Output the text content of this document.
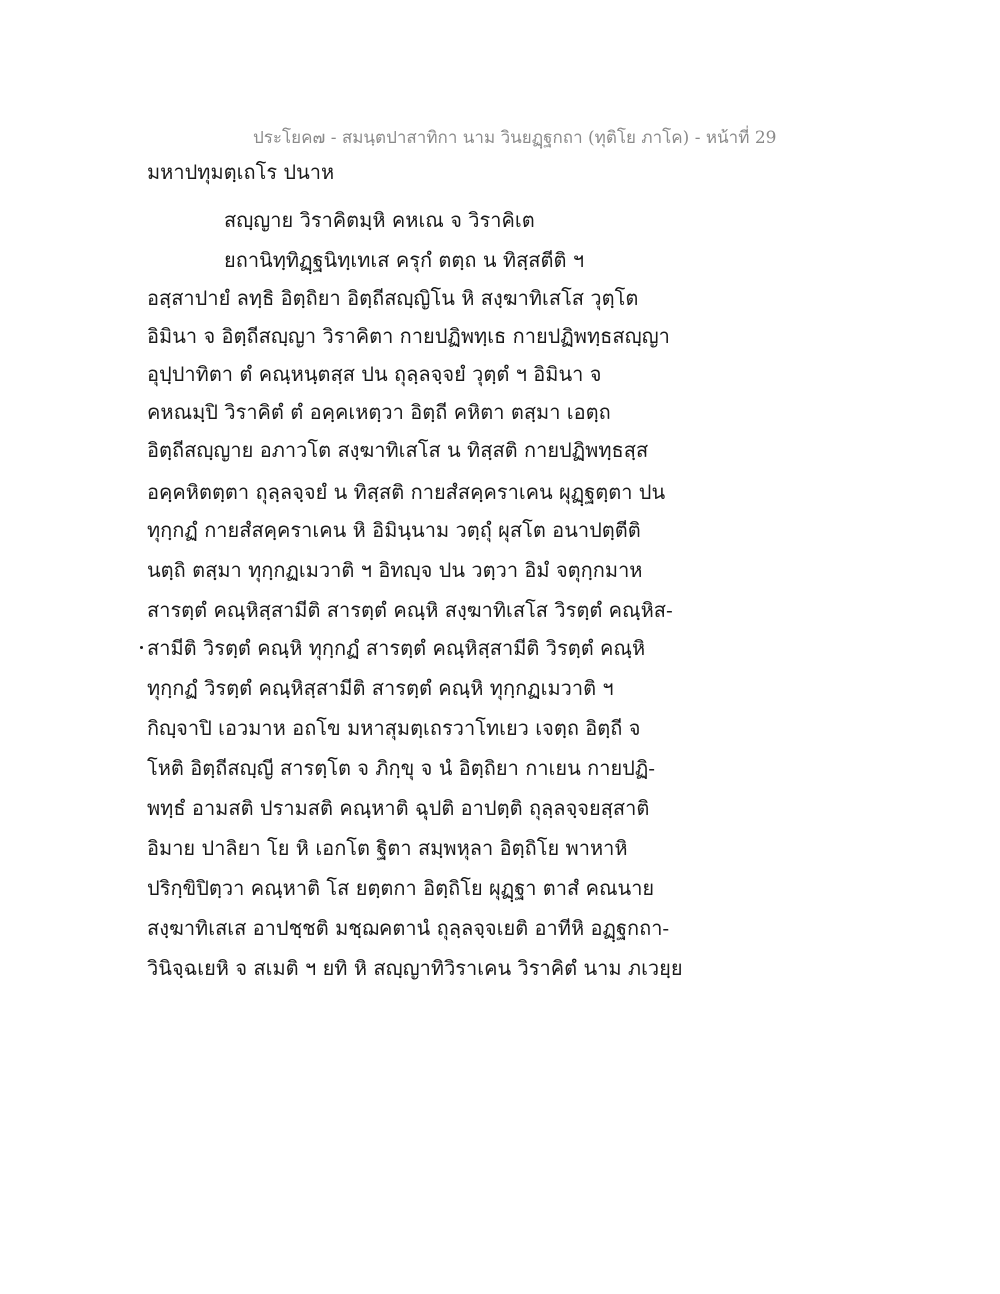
ประโยค๗ - สมนฺตปาสาทิกา นาม วินยฏฺฐกถา (ทุติโย ภาโค) - หน้าที่ 29
มหาปทุมตฺเถโร ปนาห
สญฺญาย วิราคิตมฺหิ คหเณ จ วิราคิเต
ยถานิทฺทิฏฺฐนิทฺเทเส ครุกํ ตตฺถ น ทิสฺสตีติ ฯ
อสฺสาปายํ ลทฺธิ อิตฺถิยา อิตฺถีสญฺญิโน หิ สงฺฆาทิเสโส วุตฺโต
อิมินา จ อิตฺถีสญฺญา วิราคิตา กายปฏิพทฺเธ กายปฏิพทฺธสญฺญา
อุปฺปาทิตา ตํ คณฺหนฺตสฺส ปน ถุลฺลจฺจยํ วุตฺตํ ฯ อิมินา จ
คหณมฺปิ วิราคิตํ ตํ อคฺคเหตฺวา อิตฺถี คหิตา ตสฺมา เอตฺถ
อิตฺถีสญฺญาย อภาวโต สงฺฆาทิเสโส น ทิสฺสติ กายปฏิพทฺธสฺส
อคฺคหิตตฺตา ถุลฺลจฺจยํ น ทิสฺสติ กายสํสคฺคราเคน ผุฏฺฐตฺตา ปน
ทุกฺกฏํ กายสํสคฺคราเคน หิ อิมินฺนาม วตฺถุํ ผุสโต อนาปตฺตีติ
นตฺถิ ตสฺมา ทุกฺกฏเมวาติ ฯ อิทญฺจ ปน วตฺวา อิมํ จตุกฺกมาห
สารตฺตํ คณฺหิสฺสามีติ สารตฺตํ คณฺหิ สงฺฆาทิเสโส วิรตฺตํ คณฺหิส-
สามีติ วิรตฺตํ คณฺหิ ทุกฺกฏํ สารตฺตํ คณฺหิสฺสามีติ วิรตฺตํ คณฺหิ
ทุกฺกฏํ วิรตฺตํ คณฺหิสฺสามีติ สารตฺตํ คณฺหิ ทุกฺกฏเมวาติ ฯ
กิญฺจาปิ เอวมาห อถโข มหาสุมตฺเถรวาโทเยว เจตฺถ อิตฺถี จ
โหติ อิตฺถีสญฺญี สารตฺโต จ ภิกฺขุ จ นํ อิตฺถิยา กาเยน กายปฏิ-
พทฺธํ อามสติ ปรามสติ คณฺหาติ ฉุปติ อาปตฺติ ถุลฺลจฺจยสฺสาติ
อิมาย ปาลิยา โย หิ เอกโต ฐิตา สมฺพหุลา อิตฺถิโย พาหาหิ
ปริกฺขิปิตฺวา คณฺหาติ โส ยตฺตกา อิตฺถิโย ผุฏฺฐา ตาสํ คณนาย
สงฺฆาทิเสเส อาปชฺชติ มชฺฌคตานํ ถุลฺลจฺจเยติ อาทีหิ อฏฺฐกถา-
วินิจฺฉเยหิ จ สเมติ ฯ ยทิ หิ สญฺญาทิวิราเคน วิราคิตํ นาม ภเวยฺย
